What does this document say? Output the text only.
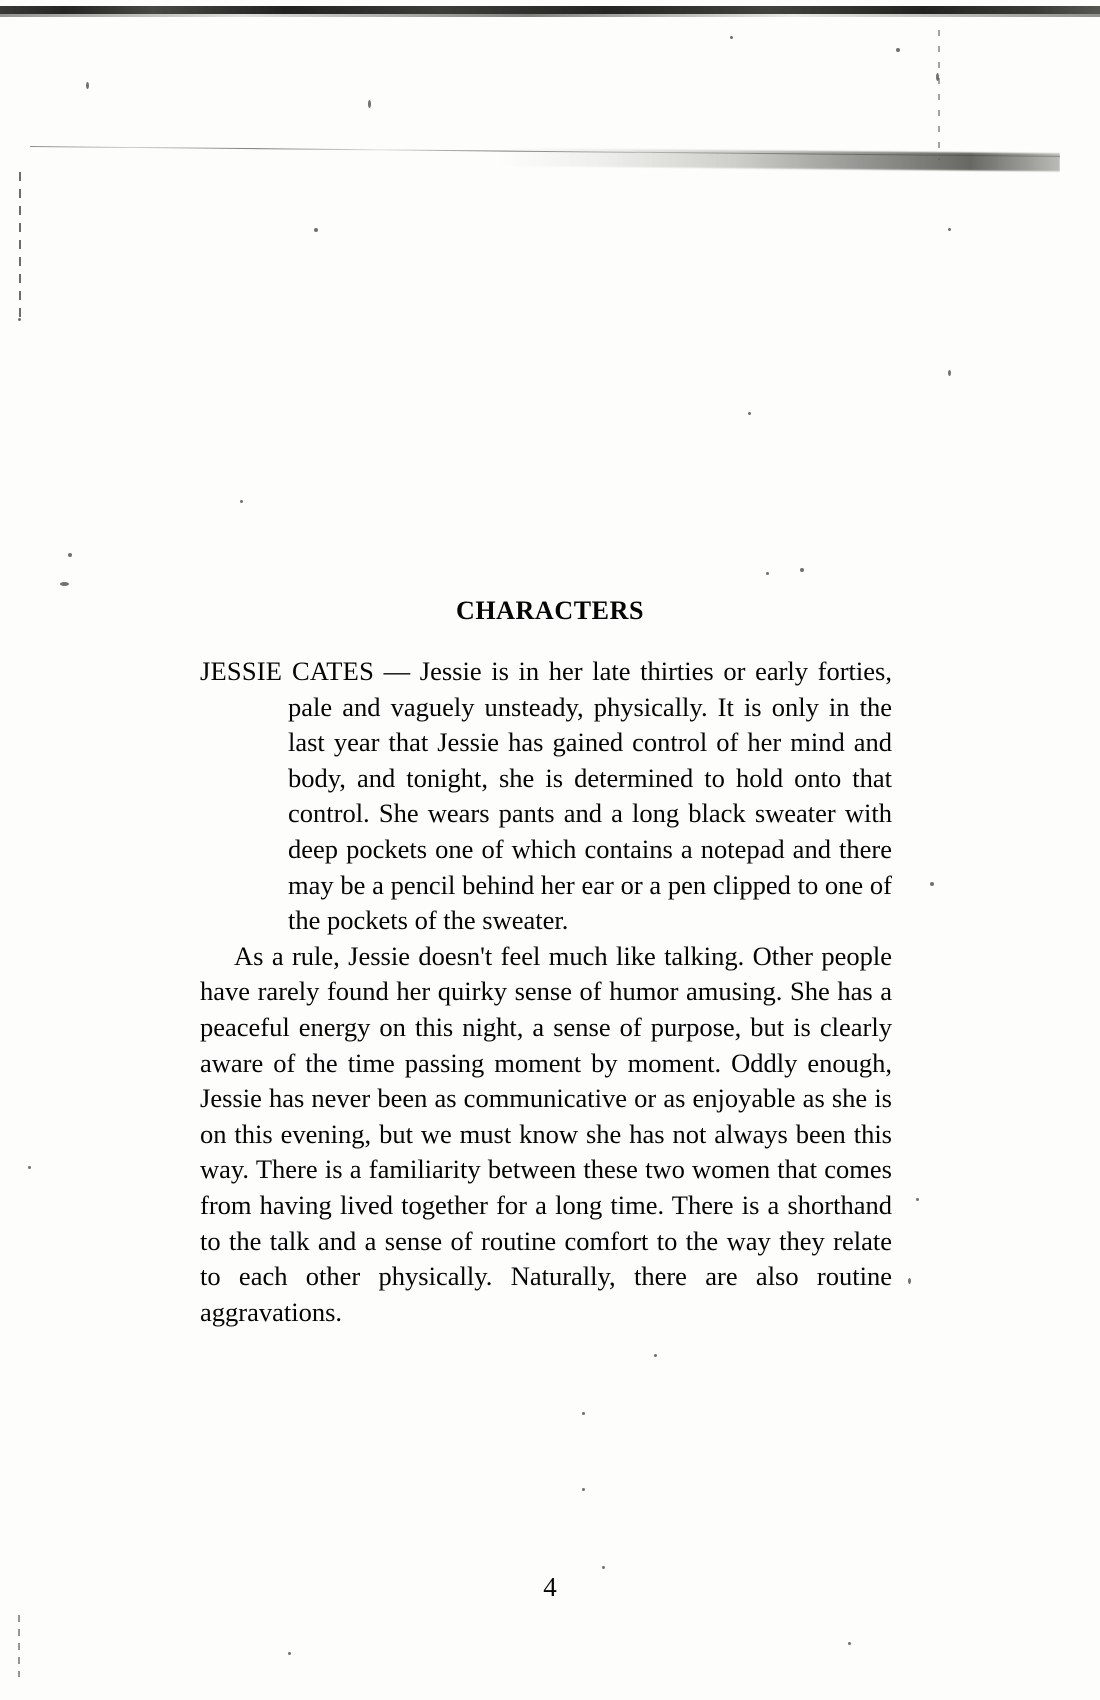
CHARACTERS

JESSIE CATES — Jessie is in her late thirties or early forties, pale and vaguely unsteady, physically. It is only in the last year that Jessie has gained control of her mind and body, and tonight, she is determined to hold onto that control. She wears pants and a long black sweater with deep pockets one of which contains a notepad and there may be a pencil behind her ear or a pen clipped to one of the pockets of the sweater.

As a rule, Jessie doesn't feel much like talking. Other people have rarely found her quirky sense of humor amusing. She has a peaceful energy on this night, a sense of purpose, but is clearly aware of the time passing moment by moment. Oddly enough, Jessie has never been as communicative or as enjoyable as she is on this evening, but we must know she has not always been this way. There is a familiarity between these two women that comes from having lived together for a long time. There is a shorthand to the talk and a sense of routine comfort to the way they relate to each other physically. Naturally, there are also routine aggravations.

4
